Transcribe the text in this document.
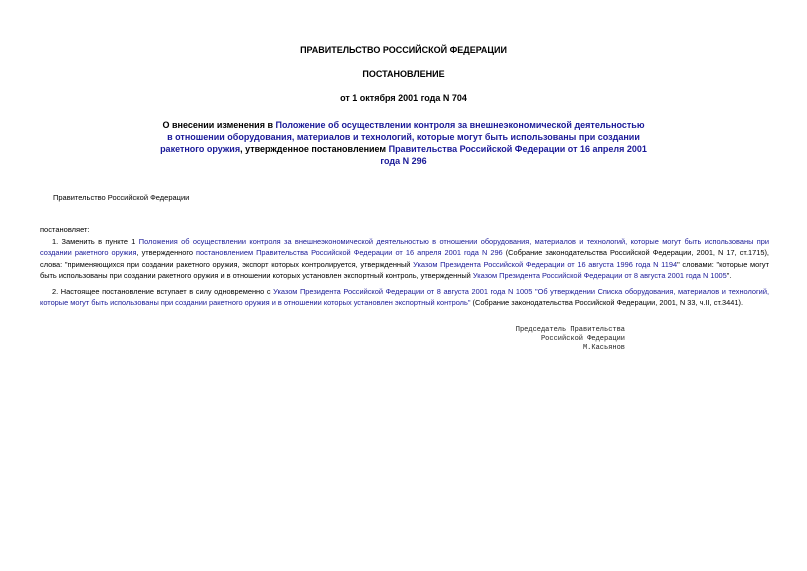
ПРАВИТЕЛЬСТВО РОССИЙСКОЙ ФЕДЕРАЦИИ
ПОСТАНОВЛЕНИЕ
от 1 октября 2001 года N 704
О внесении изменения в Положение об осуществлении контроля за внешнеэкономической деятельностью в отношении оборудования, материалов и технологий, которые могут быть использованы при создании ракетного оружия, утвержденное постановлением Правительства Российской Федерации от 16 апреля 2001 года N 296
Правительство Российской Федерации
постановляет:
1. Заменить в пункте 1 Положения об осуществлении контроля за внешнеэкономической деятельностью в отношении оборудования, материалов и технологий, которые могут быть использованы при создании ракетного оружия, утвержденного постановлением Правительства Российской Федерации от 16 апреля 2001 года N 296 (Собрание законодательства Российской Федерации, 2001, N 17, ст.1715), слова: "применяющихся при создании ракетного оружия, экспорт которых контролируется, утвержденный Указом Президента Российской Федерации от 16 августа 1996 года N 1194" словами: "которые могут быть использованы при создании ракетного оружия и в отношении которых установлен экспортный контроль, утвержденный Указом Президента Российской Федерации от 8 августа 2001 года N 1005".
2. Настоящее постановление вступает в силу одновременно с Указом Президента Российской Федерации от 8 августа 2001 года N 1005 "Об утверждении Списка оборудования, материалов и технологий, которые могут быть использованы при создании ракетного оружия и в отношении которых установлен экспортный контроль" (Собрание законодательства Российской Федерации, 2001, N 33, ч.II, ст.3441).
Председатель Правительства
Российской Федерации
М.Касьянов
